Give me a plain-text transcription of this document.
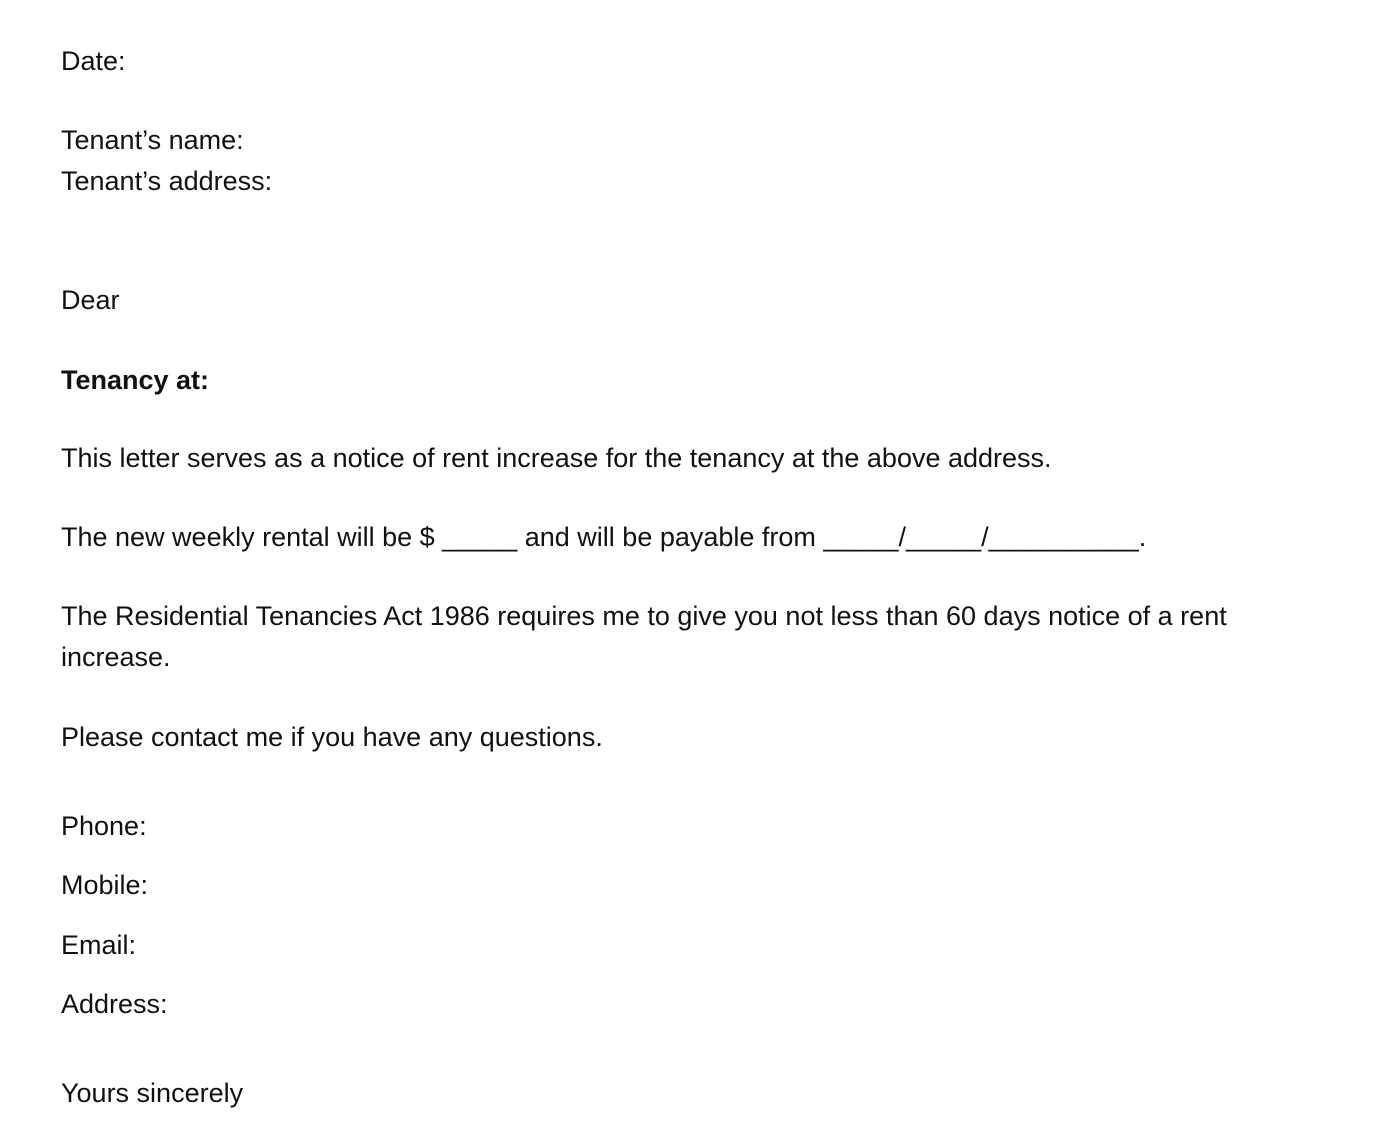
Date:

Tenant’s name:

Tenant’s address:

Dear

Tenancy at:

This letter serves as a notice of rent increase for the tenancy at the above address.

The new weekly rental will be $ _____ and will be payable from _____/_____/__________.

The Residential Tenancies Act 1986 requires me to give you not less than 60 days notice of a rent increase.

Please contact me if you have any questions.

Phone:

Mobile:

Email:

Address:

Yours sincerely
